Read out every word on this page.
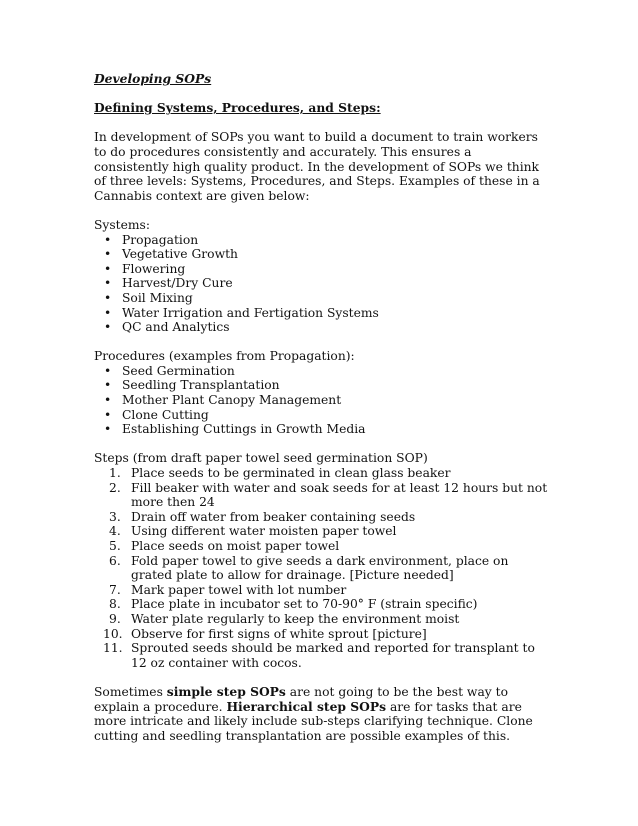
Developing SOPs
Defining Systems, Procedures, and Steps:

In development of SOPs you want to build a document to train workers to do procedures consistently and accurately. This ensures a consistently high quality product. In the development of SOPs we think of three levels: Systems, Procedures, and Steps. Examples of these in a Cannabis context are given below:

Systems:
• Propagation
• Vegetative Growth
• Flowering
• Harvest/Dry Cure
• Soil Mixing
• Water Irrigation and Fertigation Systems
• QC and Analytics
Procedures (examples from Propagation):
• Seed Germination
• Seedling Transplantation
• Mother Plant Canopy Management
• Clone Cutting
• Establishing Cuttings in Growth Media
Steps (from draft paper towel seed germination SOP)
1. Place seeds to be germinated in clean glass beaker
2. Fill beaker with water and soak seeds for at least 12 hours but not more then 24
3. Drain off water from beaker containing seeds
4. Using different water moisten paper towel
5. Place seeds on moist paper towel
6. Fold paper towel to give seeds a dark environment, place on grated plate to allow for drainage. [Picture needed]
7. Mark paper towel with lot number
8. Place plate in incubator set to 70-90° F (strain specific)
9. Water plate regularly to keep the environment moist
10. Observe for first signs of white sprout [picture]
11. Sprouted seeds should be marked and reported for transplant to 12 oz container with cocos.

Sometimes simple step SOPs are not going to be the best way to explain a procedure. Hierarchical step SOPs are for tasks that are more intricate and likely include sub-steps clarifying technique. Clone cutting and seedling transplantation are possible examples of this.
